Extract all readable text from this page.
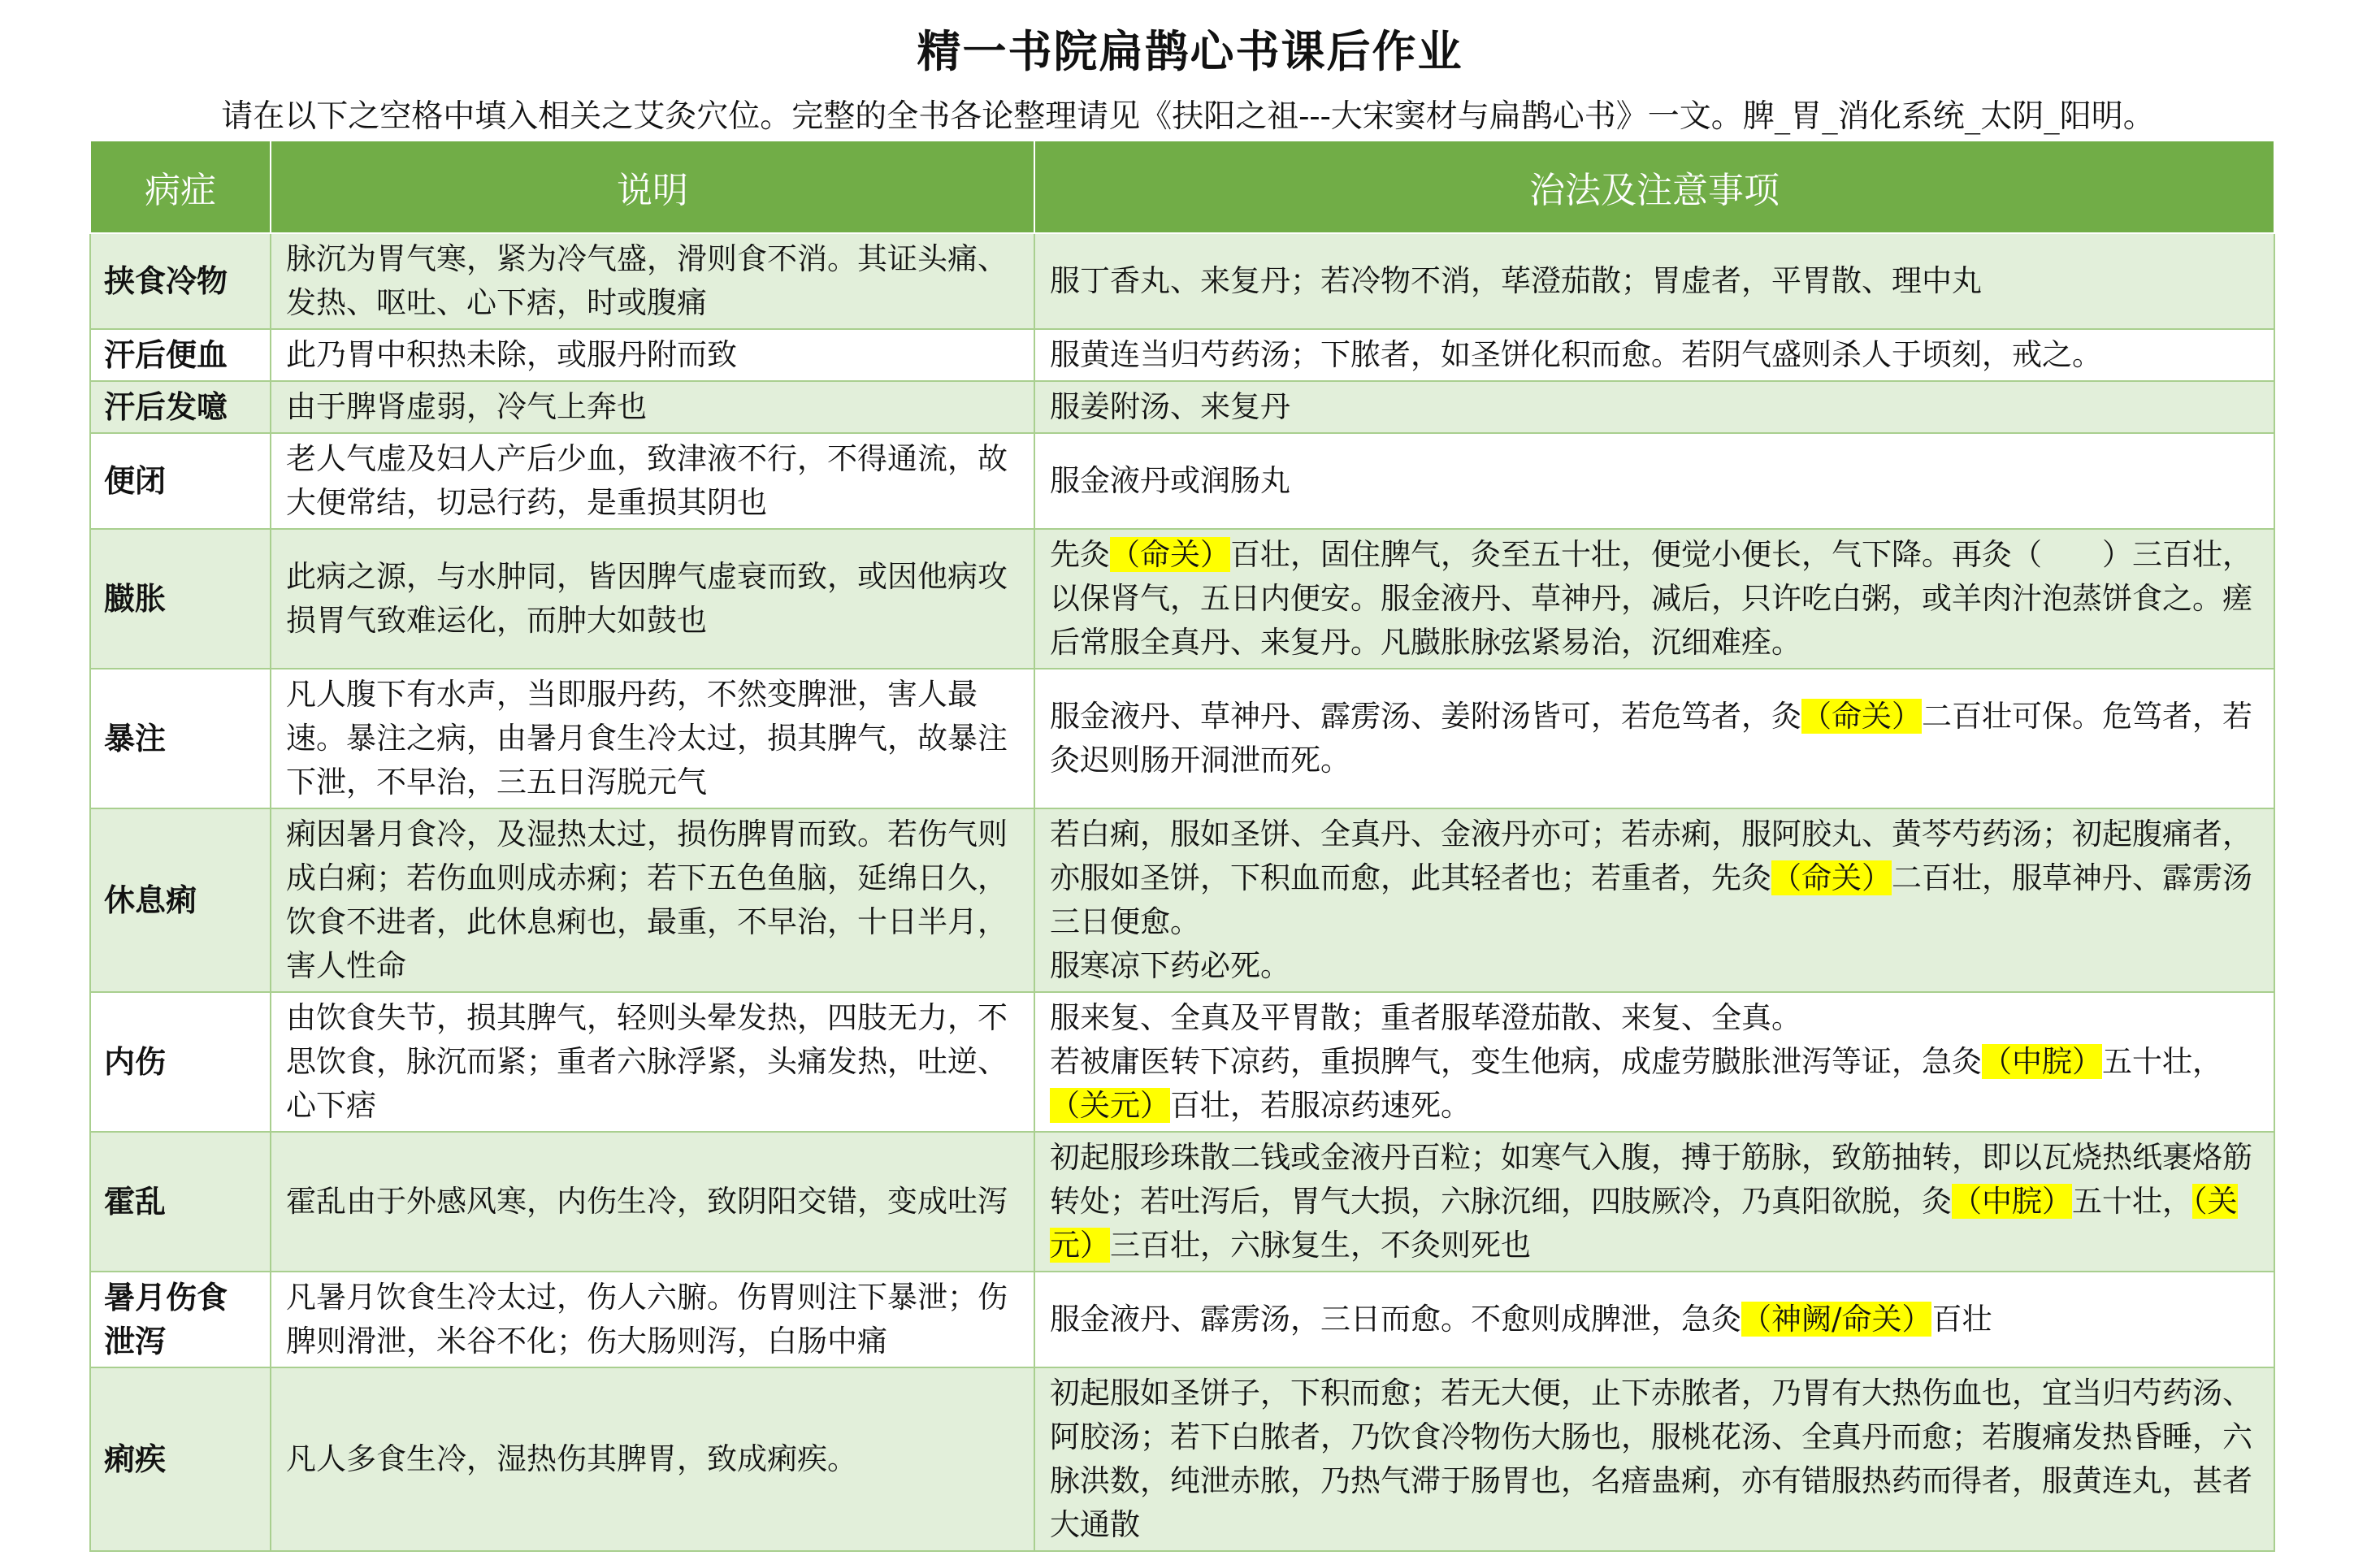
精一书院扁鹊心书课后作业
请在以下之空格中填入相关之艾灸穴位。完整的全书各论整理请见《扶阳之祖---大宋窦材与扁鹊心书》一文。脾_胃_消化系统_太阴_阳明。
病症	说明	治法及注意事项
挟食冷物	脉沉为胃气寒，紧为冷气盛，滑则食不消。其证头痛、发热、呕吐、心下痞，时或腹痛	服丁香丸、来复丹；若冷物不消，荜澄茄散；胃虚者，平胃散、理中丸
汗后便血	此乃胃中积热未除，或服丹附而致	服黄连当归芍药汤；下脓者，如圣饼化积而愈。若阴气盛则杀人于顷刻，戒之。
汗后发噫	由于脾肾虚弱，冷气上奔也	服姜附汤、来复丹
便闭	老人气虚及妇人产后少血，致津液不行，不得通流，故大便常结，切忌行药，是重损其阴也	服金液丹或润肠丸
臌胀	此病之源，与水肿同，皆因脾气虚衰而致，或因他病攻损胃气致难运化，而肿大如鼓也	先灸（命关）百壮，固住脾气，灸至五十壮，便觉小便长，气下降。再灸（　　）三百壮，以保肾气，五日内便安。服金液丹、草神丹，减后，只许吃白粥，或羊肉汁泡蒸饼食之。瘥后常服全真丹、来复丹。凡臌胀脉弦紧易治，沉细难痊。
暴注	凡人腹下有水声，当即服丹药，不然变脾泄，害人最速。暴注之病，由暑月食生冷太过，损其脾气，故暴注下泄，不早治，三五日泻脱元气	服金液丹、草神丹、霹雳汤、姜附汤皆可，若危笃者，灸（命关）二百壮可保。危笃者，若灸迟则肠开洞泄而死。
休息痢	痢因暑月食冷，及湿热太过，损伤脾胃而致。若伤气则成白痢；若伤血则成赤痢；若下五色鱼脑，延绵日久，饮食不进者，此休息痢也，最重，不早治，十日半月，害人性命	若白痢，服如圣饼、全真丹、金液丹亦可；若赤痢，服阿胶丸、黄芩芍药汤；初起腹痛者，亦服如圣饼，下积血而愈，此其轻者也；若重者，先灸（命关）二百壮，服草神丹、霹雳汤三日便愈。
服寒凉下药必死。
内伤	由饮食失节，损其脾气，轻则头晕发热，四肢无力，不思饮食，脉沉而紧；重者六脉浮紧，头痛发热，吐逆、心下痞	服来复、全真及平胃散；重者服荜澄茄散、来复、全真。
若被庸医转下凉药，重损脾气，变生他病，成虚劳臌胀泄泻等证，急灸（中脘）五十壮，（关元）百壮，若服凉药速死。
霍乱	霍乱由于外感风寒，内伤生冷，致阴阳交错，变成吐泻	初起服珍珠散二钱或金液丹百粒；如寒气入腹，搏于筋脉，致筋抽转，即以瓦烧热纸裹烙筋转处；若吐泻后，胃气大损，六脉沉细，四肢厥冷，乃真阳欲脱，灸（中脘）五十壮，（关元）三百壮，六脉复生，不灸则死也
暑月伤食泄泻	凡暑月饮食生冷太过，伤人六腑。伤胃则注下暴泄；伤脾则滑泄，米谷不化；伤大肠则泻，白肠中痛	服金液丹、霹雳汤，三日而愈。不愈则成脾泄，急灸（神阙/命关）百壮
痢疾	凡人多食生冷，湿热伤其脾胃，致成痢疾。	初起服如圣饼子，下积而愈；若无大便，止下赤脓者，乃胃有大热伤血也，宜当归芍药汤、阿胶汤；若下白脓者，乃饮食冷物伤大肠也，服桃花汤、全真丹而愈；若腹痛发热昏睡，六脉洪数，纯泄赤脓，乃热气滞于肠胃也，名瘖蛊痢，亦有错服热药而得者，服黄连丸，甚者大通散
